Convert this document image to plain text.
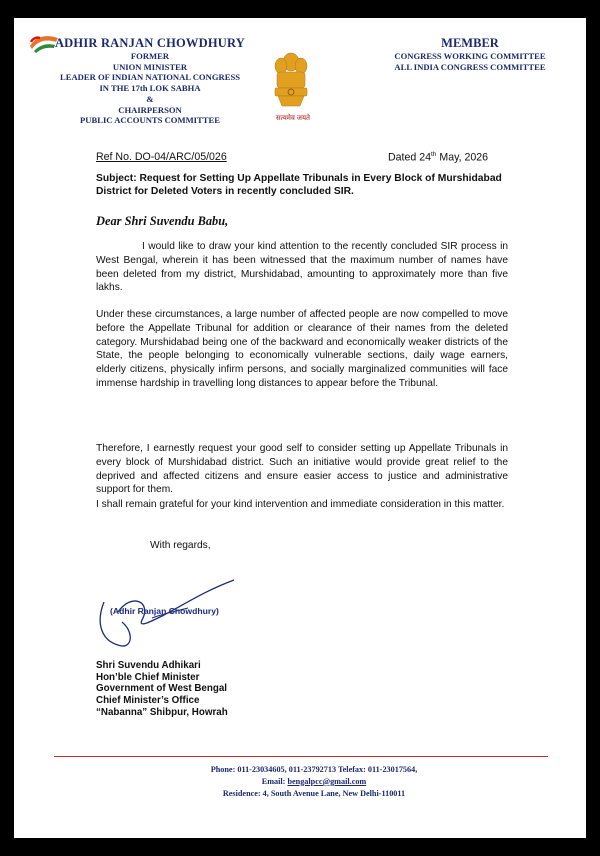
ADHIR RANJAN CHOWDHURY
FORMER
UNION MINISTER
LEADER OF INDIAN NATIONAL CONGRESS
IN THE 17th LOK SABHA
&
CHAIRPERSON
PUBLIC ACCOUNTS COMMITTEE	सत्यमेव जयते
MEMBER
CONGRESS WORKING COMMITTEE
ALL INDIA CONGRESS COMMITTEE
Ref No. DO-04/ARC/05/026	Dated 24th May, 2026
Subject: Request for Setting Up Appellate Tribunals in Every Block of Murshidabad District for Deleted Voters in recently concluded SIR.
Dear Shri Suvendu Babu,
I would like to draw your kind attention to the recently concluded SIR process in West Bengal, wherein it has been witnessed that the maximum number of names have been deleted from my district, Murshidabad, amounting to approximately more than five lakhs.
Under these circumstances, a large number of affected people are now compelled to move before the Appellate Tribunal for addition or clearance of their names from the deleted category. Murshidabad being one of the backward and economically weaker districts of the State, the people belonging to economically vulnerable sections, daily wage earners, elderly citizens, physically infirm persons, and socially marginalized communities will face immense hardship in travelling long distances to appear before the Tribunal.
Therefore, I earnestly request your good self to consider setting up Appellate Tribunals in every block of Murshidabad district. Such an initiative would provide great relief to the deprived and affected citizens and ensure easier access to justice and administrative support for them.
I shall remain grateful for your kind intervention and immediate consideration in this matter.
With regards,
(Adhir Ranjan Chowdhury)
Shri Suvendu Adhikari
Hon’ble Chief Minister
Government of West Bengal
Chief Minister’s Office
“Nabanna” Shibpur, Howrah
Phone: 011-23034605, 011-23792713 Telefax: 011-23017564,
Email: bengalpcc@gmail.com
Residence: 4, South Avenue Lane, New Delhi-110011
